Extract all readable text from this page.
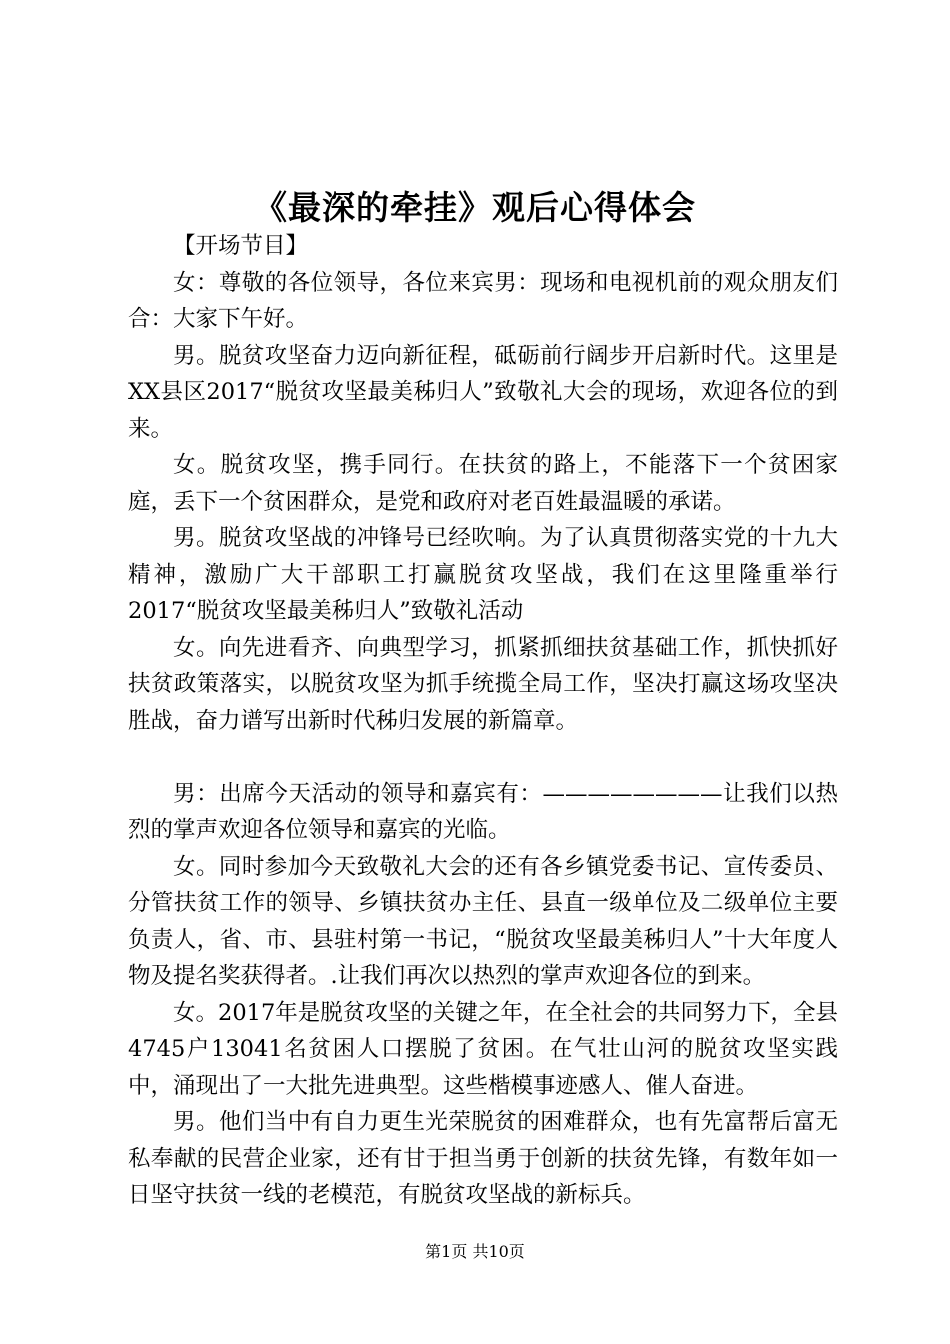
《最深的牵挂》观后心得体会

【开场节目】

女：尊敬的各位领导，各位来宾男：现场和电视机前的观众朋友们合：大家下午好。

男。脱贫攻坚奋力迈向新征程，砥砺前行阔步开启新时代。这里是XX县区2017“脱贫攻坚最美秭归人”致敬礼大会的现场，欢迎各位的到来。

女。脱贫攻坚，携手同行。在扶贫的路上，不能落下一个贫困家庭，丢下一个贫困群众，是党和政府对老百姓最温暖的承诺。

男。脱贫攻坚战的冲锋号已经吹响。为了认真贯彻落实党的十九大精神，激励广大干部职工打赢脱贫攻坚战，我们在这里隆重举行2017“脱贫攻坚最美秭归人”致敬礼活动

女。向先进看齐、向典型学习，抓紧抓细扶贫基础工作，抓快抓好扶贫政策落实，以脱贫攻坚为抓手统揽全局工作，坚决打赢这场攻坚决胜战，奋力谱写出新时代秭归发展的新篇章。

男：出席今天活动的领导和嘉宾有：————————让我们以热烈的掌声欢迎各位领导和嘉宾的光临。

女。同时参加今天致敬礼大会的还有各乡镇党委书记、宣传委员、分管扶贫工作的领导、乡镇扶贫办主任、县直一级单位及二级单位主要负责人，省、市、县驻村第一书记，“脱贫攻坚最美秭归人”十大年度人物及提名奖获得者。.让我们再次以热烈的掌声欢迎各位的到来。

女。2017年是脱贫攻坚的关键之年，在全社会的共同努力下，全县4745户13041名贫困人口摆脱了贫困。在气壮山河的脱贫攻坚实践中，涌现出了一大批先进典型。这些楷模事迹感人、催人奋进。

男。他们当中有自力更生光荣脱贫的困难群众，也有先富帮后富无私奉献的民营企业家，还有甘于担当勇于创新的扶贫先锋，有数年如一日坚守扶贫一线的老模范，有脱贫攻坚战的新标兵。

第1页 共10页
